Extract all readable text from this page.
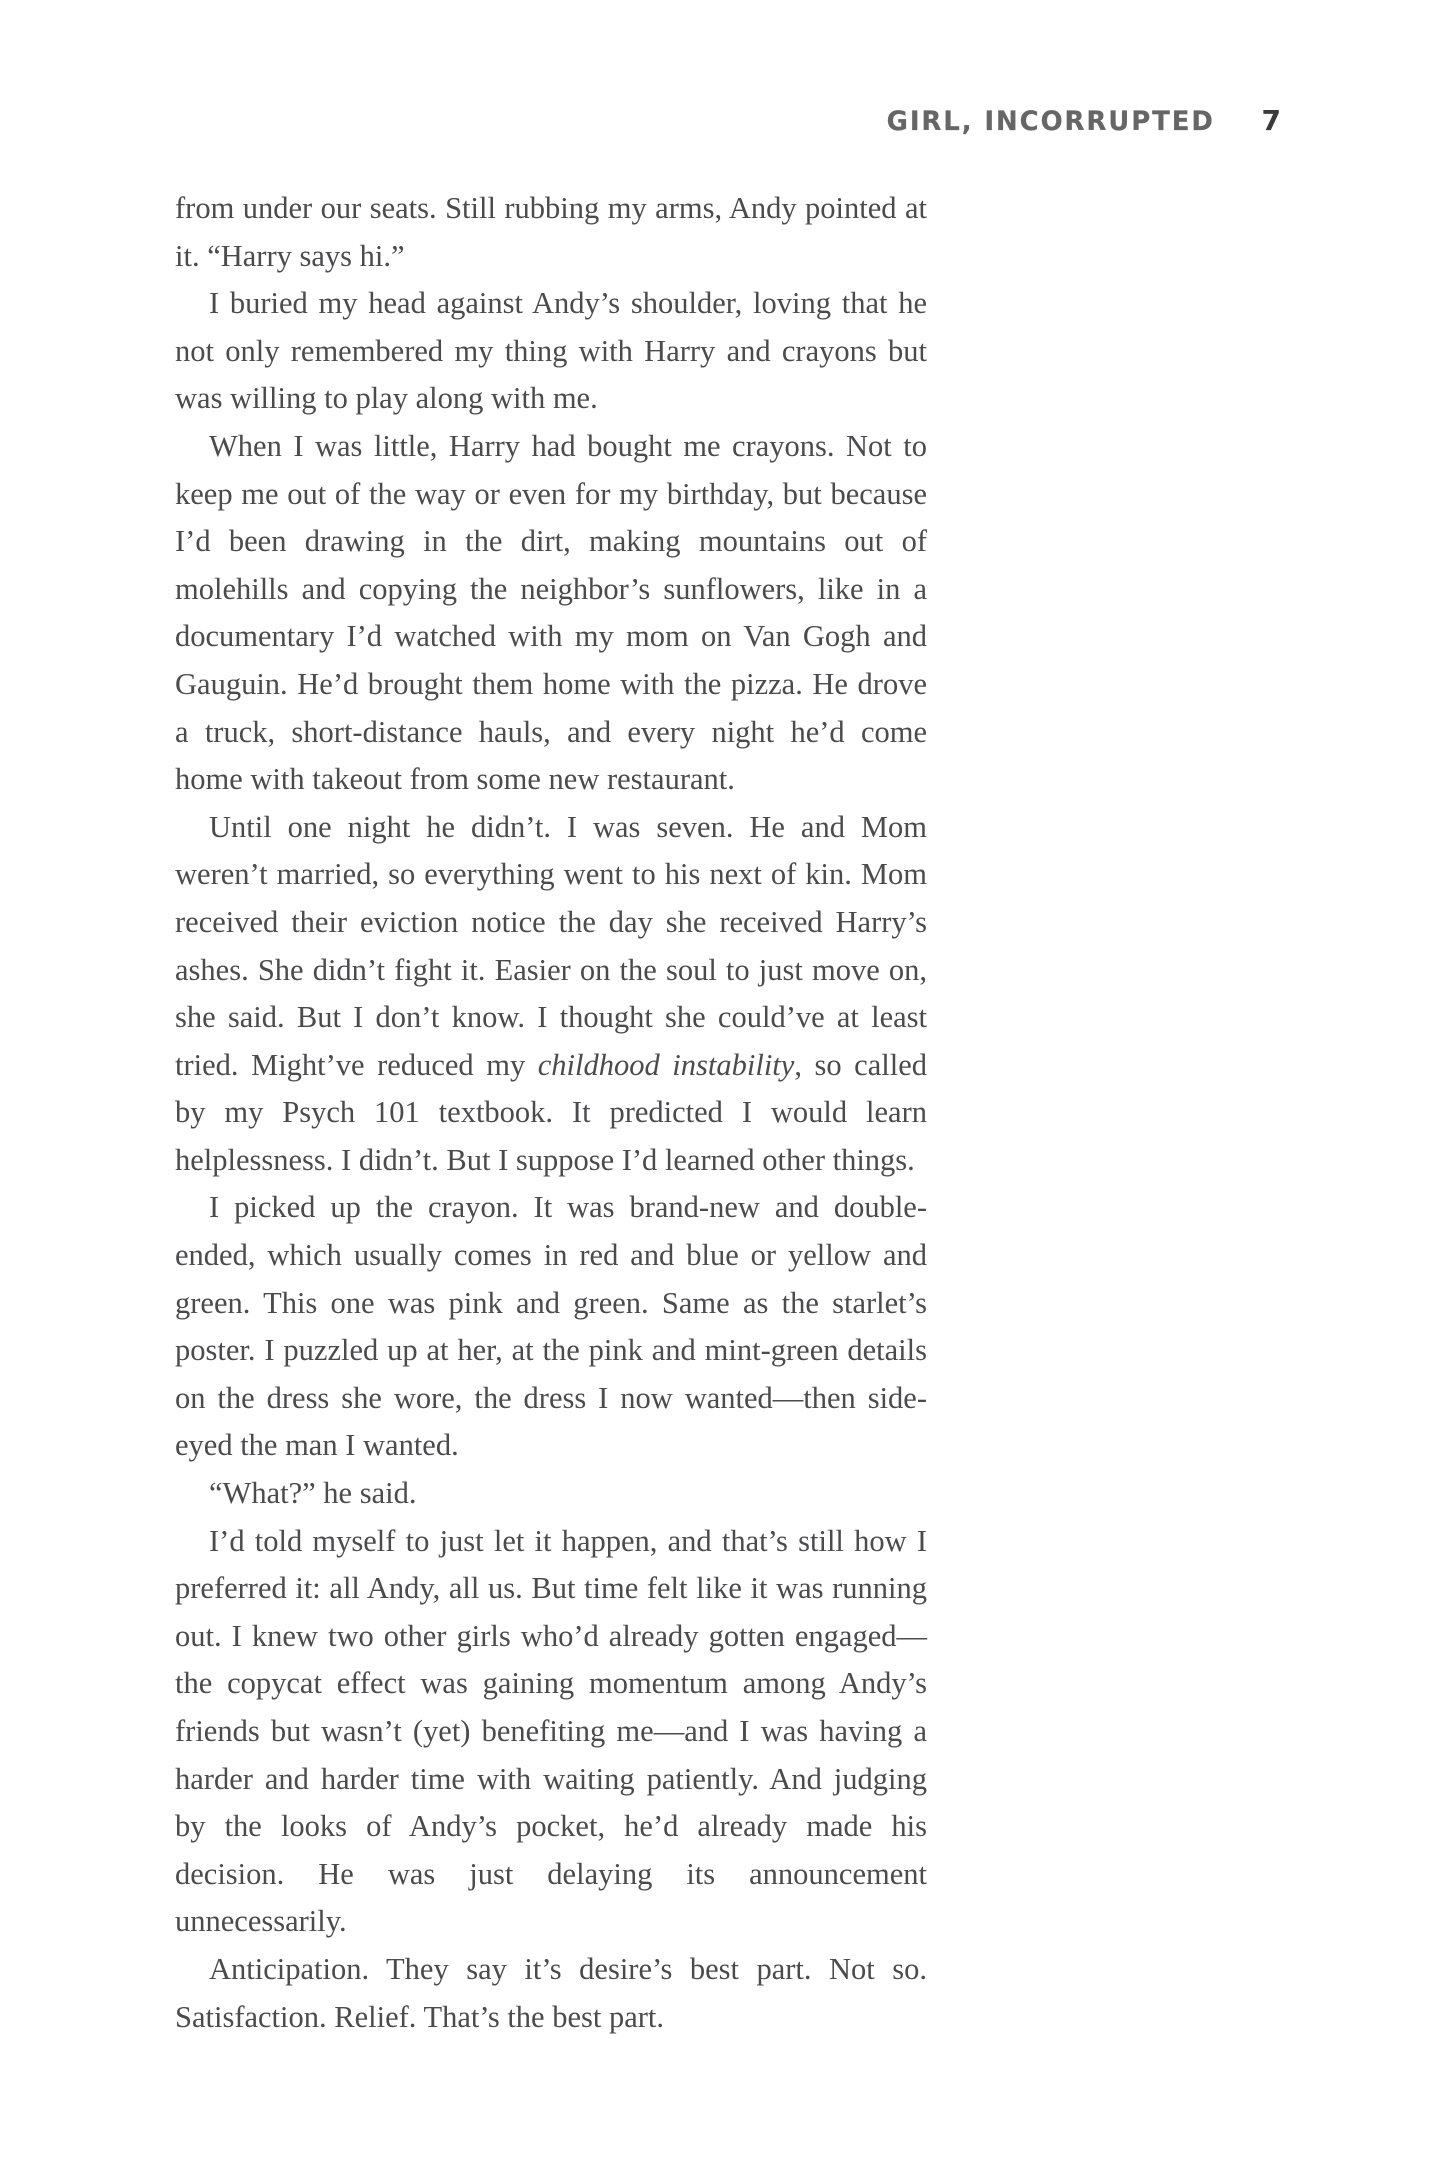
GIRL, INCORRUPTED 7

from under our seats. Still rubbing my arms, Andy pointed at it. “Harry says hi.”

I buried my head against Andy’s shoulder, loving that he not only remembered my thing with Harry and crayons but was willing to play along with me.

When I was little, Harry had bought me crayons. Not to keep me out of the way or even for my birthday, but because I’d been drawing in the dirt, making mountains out of molehills and copying the neighbor’s sunflowers, like in a documentary I’d watched with my mom on Van Gogh and Gauguin. He’d brought them home with the pizza. He drove a truck, short-distance hauls, and every night he’d come home with takeout from some new restaurant.

Until one night he didn’t. I was seven. He and Mom weren’t married, so everything went to his next of kin. Mom received their eviction notice the day she received Harry’s ashes. She didn’t fight it. Easier on the soul to just move on, she said. But I don’t know. I thought she could’ve at least tried. Might’ve reduced my childhood instability, so called by my Psych 101 textbook. It predicted I would learn helplessness. I didn’t. But I suppose I’d learned other things.

I picked up the crayon. It was brand-new and double-ended, which usually comes in red and blue or yellow and green. This one was pink and green. Same as the starlet’s poster. I puzzled up at her, at the pink and mint-green details on the dress she wore, the dress I now wanted—then side-eyed the man I wanted.

“What?” he said.

I’d told myself to just let it happen, and that’s still how I preferred it: all Andy, all us. But time felt like it was running out. I knew two other girls who’d already gotten engaged—the copycat effect was gaining momentum among Andy’s friends but wasn’t (yet) benefiting me—and I was having a harder and harder time with waiting patiently. And judging by the looks of Andy’s pocket, he’d already made his decision. He was just delaying its announcement unnecessarily.

Anticipation. They say it’s desire’s best part. Not so. Satisfaction. Relief. That’s the best part.
